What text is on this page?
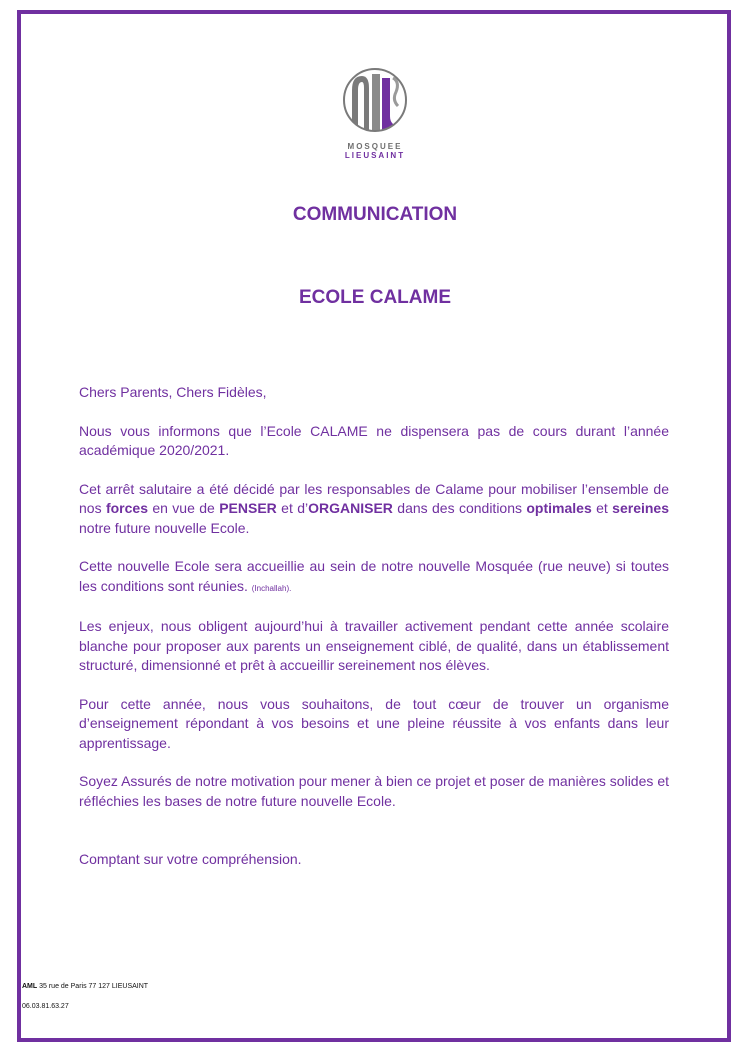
MOSQUEE
LIEUSAINT
COMMUNICATION
ECOLE CALAME

Chers Parents, Chers Fidèles,

Nous vous informons que l’Ecole CALAME ne dispensera pas de cours durant l’année académique 2020/2021.

Cet arrêt salutaire a été décidé par les responsables de Calame pour mobiliser l’ensemble de nos forces en vue de PENSER et d’ORGANISER dans des conditions optimales et sereines notre future nouvelle Ecole.

Cette nouvelle Ecole sera accueillie au sein de notre nouvelle Mosquée (rue neuve) si toutes les conditions sont réunies. (Inchallah).

Les enjeux, nous obligent aujourd’hui à travailler activement pendant cette année scolaire blanche pour proposer aux parents un enseignement ciblé, de qualité, dans un établissement structuré, dimensionné et prêt à accueillir sereinement nos élèves.

Pour cette année, nous vous souhaitons, de tout cœur de trouver un organisme d’enseignement répondant à vos besoins et une pleine réussite à vos enfants dans leur apprentissage.

Soyez Assurés de notre motivation pour mener à bien ce projet et poser de manières solides et réfléchies les bases de notre future nouvelle Ecole.

Comptant sur votre compréhension.

AML 35 rue de Paris 77 127 LIEUSAINT
06.03.81.63.27
